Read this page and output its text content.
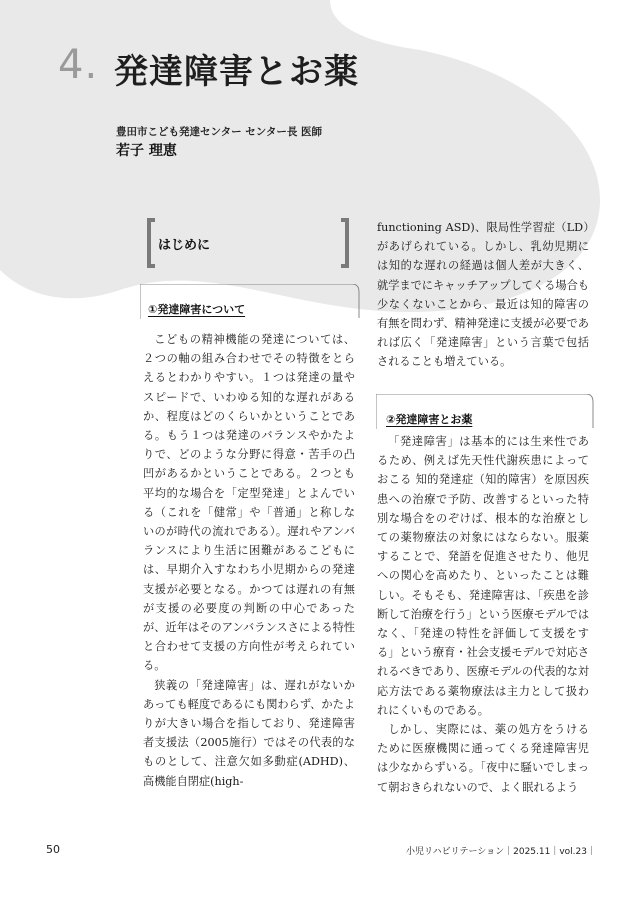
4. 発達障害とお薬
豊田市こども発達センター センター長 医師
若子 理恵
はじめに
①発達障害について

こどもの精神機能の発達については、２つの軸の組み合わせでその特徴をとらえるとわかりやすい。１つは発達の量やスピードで、いわゆる知的な遅れがあるか、程度はどのくらいかということである。もう１つは発達のバランスやかたよりで、どのような分野に得意・苦手の凸凹があるかということである。２つとも平均的な場合を「定型発達」とよんでいる（これを「健常」や「普通」と称しないのが時代の流れである）。遅れやアンバランスにより生活に困難があるこどもには、早期介入すなわち小児期からの発達支援が必要となる。かつては遅れの有無が支援の必要度の判断の中心であったが、近年はそのアンバランスさによる特性と合わせて支援の方向性が考えられている。

狭義の「発達障害」は、遅れがないかあっても軽度であるにも関わらず、かたよりが大きい場合を指しており、発達障害者支援法（2005施行）ではその代表的なものとして、注意欠如多動症(ADHD)、高機能自閉症(high-

functioning ASD)、限局性学習症（LD）があげられている。しかし、乳幼児期には知的な遅れの経過は個人差が大きく、就学までにキャッチアップしてくる場合も少なくないことから、最近は知的障害の有無を問わず、精神発達に支援が必要であれば広く「発達障害」という言葉で包括されることも増えている。

②発達障害とお薬

「発達障害」は基本的には生来性であるため、例えば先天性代謝疾患によっておこる 知的発達症（知的障害）を原因疾患への治療で予防、改善するといった特別な場合をのぞけば、根本的な治療としての薬物療法の対象にはならない。服薬することで、発語を促進させたり、他児への関心を高めたり、といったことは難しい。そもそも、発達障害は、「疾患を診断して治療を行う」という医療モデルではなく、「発達の特性を評価して支援をする」という療育・社会支援モデルで対応されるべきであり、医療モデルの代表的な対応方法である薬物療法は主力として扱われにくいものである。

しかし、実際には、薬の処方をうけるために医療機関に通ってくる発達障害児は少なからずいる。「夜中に騒いでしまって朝おきられないので、よく眠れるよう

50	小児リハビリテーション｜2025.11｜vol.23｜
